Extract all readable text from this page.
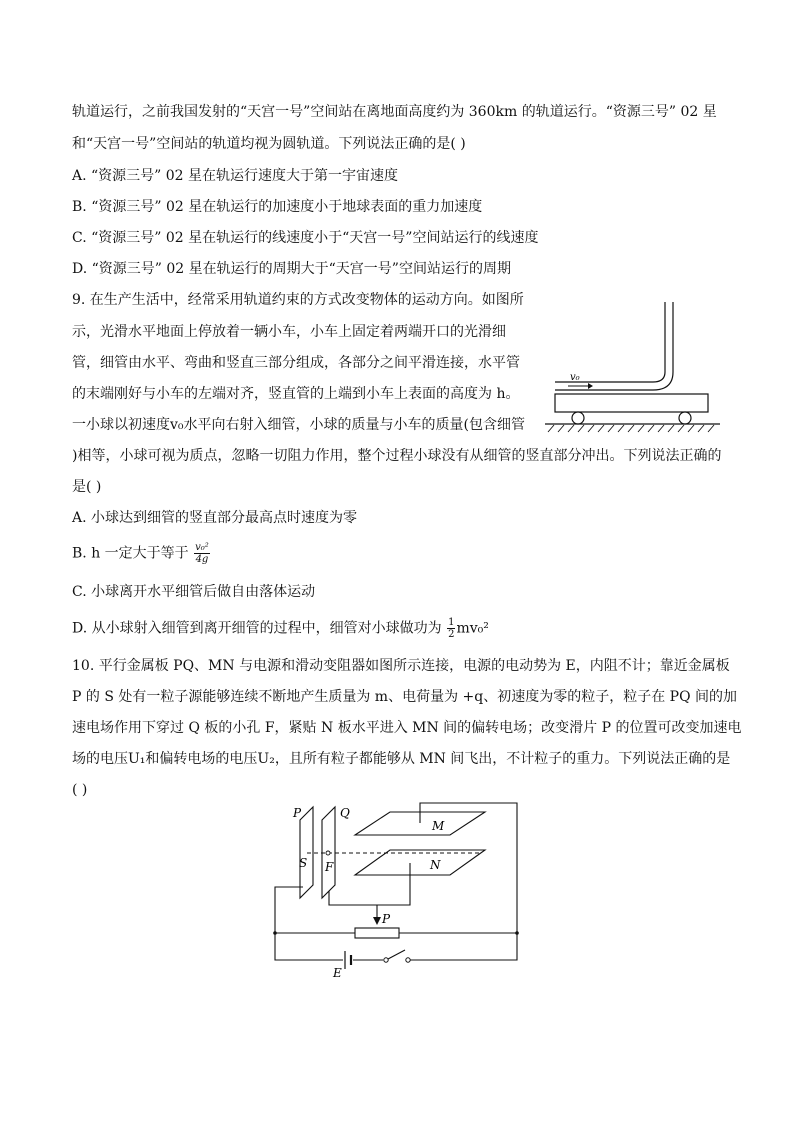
轨道运行，之前我国发射的“天宫一号”空间站在离地面高度约为 360km 的轨道运行。“资源三号” 02 星
和“天宫一号”空间站的轨道均视为圆轨道。下列说法正确的是( )
A. “资源三号” 02 星在轨运行速度大于第一宇宙速度
B. “资源三号” 02 星在轨运行的加速度小于地球表面的重力加速度
C. “资源三号” 02 星在轨运行的线速度小于“天宫一号”空间站运行的线速度
D. “资源三号” 02 星在轨运行的周期大于“天宫一号”空间站运行的周期
9. 在生产生活中，经常采用轨道约束的方式改变物体的运动方向。如图所
示，光滑水平地面上停放着一辆小车，小车上固定着两端开口的光滑细
管，细管由水平、弯曲和竖直三部分组成，各部分之间平滑连接，水平管
的末端刚好与小车的左端对齐，竖直管的上端到小车上表面的高度为 h。
一小球以初速度v₀水平向右射入细管，小球的质量与小车的质量(包含细管
)相等，小球可视为质点，忽略一切阻力作用，整个过程小球没有从细管的竖直部分冲出。下列说法正确的
是( )
v₀
A. 小球达到细管的竖直部分最高点时速度为零
B. h 一定大于等于 $\frac{\text{v₀²}}{4g}$
C. 小球离开水平细管后做自由落体运动
D. 从小球射入细管到离开细管的过程中，细管对小球做功为 $\frac{1}{2} mv_0^2$
10. 平行金属板 PQ、MN 与电源和滑动变阻器如图所示连接，电源的电动势为 E，内阻不计；靠近金属板
P 的 S 处有一粒子源能够连续不断地产生质量为 m、电荷量为 +q、初速度为零的粒子，粒子在 PQ 间的加
速电场作用下穿过 Q 板的小孔 F，紧贴 N 板水平进入 MN 间的偏转电场；改变滑片 P 的位置可改变加速电
场的电压U₁和偏转电场的电压U₂，且所有粒子都能够从 MN 间飞出，不计粒子的重力。下列说法正确的是
( )
P	Q
S F
M
N
P
E
